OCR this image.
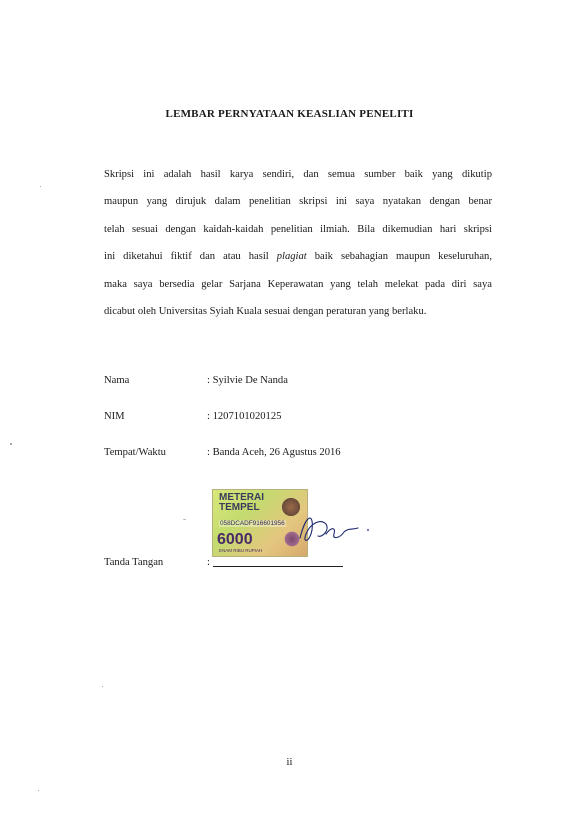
LEMBAR PERNYATAAN KEASLIAN PENELITI
Skripsi ini adalah hasil karya sendiri, dan semua sumber baik yang dikutip
maupun yang dirujuk dalam penelitian skripsi ini saya nyatakan dengan benar
telah sesuai dengan kaidah-kaidah penelitian ilmiah. Bila dikemudian hari skripsi
ini diketahui fiktif dan atau hasil plagiat baik sebahagian maupun keseluruhan,
maka saya bersedia gelar Sarjana Keperawatan yang telah melekat pada diri saya
dicabut oleh Universitas Syiah Kuala sesuai dengan peraturan yang berlaku.
Nama	: Syilvie De Nanda
NIM	: 1207101020125
Tempat/Waktu	: Banda Aceh, 26 Agustus 2016
METERAI
TEMPEL
058DCADF916601956
6000
ENAM RIBU RUPIAH
Tanda Tangan	:
ii
